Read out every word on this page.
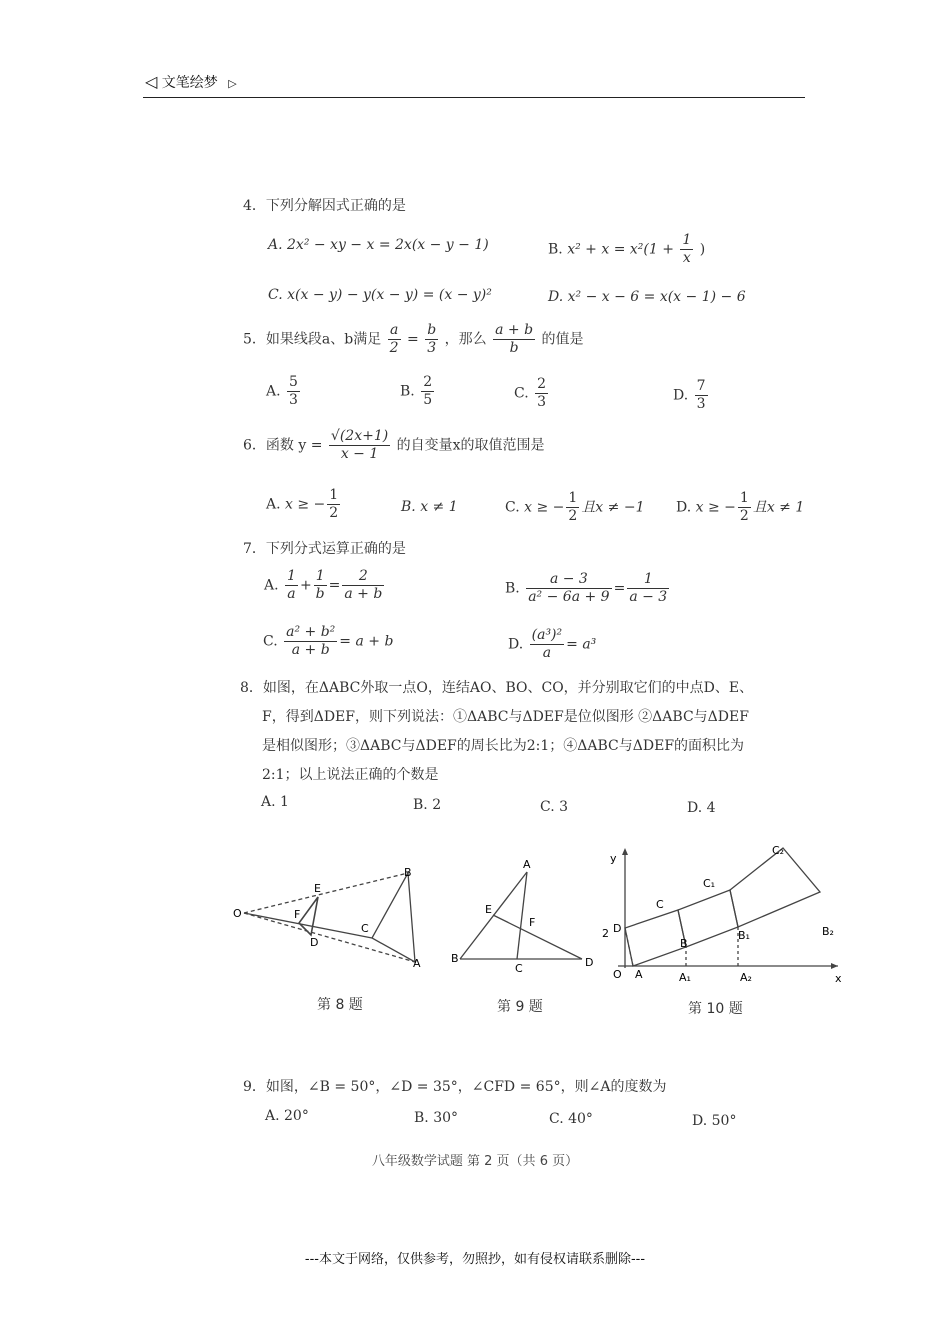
◁ 文笔绘梦 ▷
4．下列分解因式正确的是
A. 2x² − xy − x = 2x(x − y − 1)	B. $x^2 + x = x^2(1 + \frac{1}{x}$ )
C. x(x − y) − y(x − y) = (x − y)²	D. x² − x − 6 = x(x − 1) − 6
5．如果线段a、b满足 $\frac{a}{2} = \frac{b}{3}$ ，那么 $\frac{a + b}{b}$ 的值是
A. $\frac{5}{3}$	B. $\frac{2}{5}$	C. $\frac{2}{3}$	D. $\frac{7}{3}$
6．函数 $y = \frac{√(2x+1)}{x - 1}$ 的自变量x的取值范围是
A. x ≥ − $\frac{1}{2}$	B. x ≠ 1	C. x ≥ − $\frac{1}{2}$ 且x ≠ −1 D. x ≥ − $\frac{1}{2}$ 且x ≠ 1
7．下列分式运算正确的是
A. $\frac{1}{a} + \frac{1}{b} = \frac{2}{a + b}$	B. $\frac{a - 3}{\text{a² − 6a + 9}} = \frac{1}{a - 3}$
C. $\frac{\text{a² + b²}}{a + b} = a + b$	D. $\frac{\text{(a³)²}}{a} = a^3$
8．如图，在ΔABC外取一点O，连结AO、BO、CO，并分别取它们的中点D、E、
F，得到ΔDEF，则下列说法：①ΔABC与ΔDEF是位似图形 ②ΔABC与ΔDEF
是相似图形；③ΔABC与ΔDEF的周长比为2:1；④ΔABC与ΔDEF的面积比为
2:1；以上说法正确的个数是
A. 1	B. 2	C. 3	D. 4
O
E
B
F
C
D
A
第 8 题
A
E
F
B
C	D
第 9 题
y
C₂
C₁
C
D
2
B
B₁	B₂
O A	A₁	A₂	x
第 10 题
9．如图，∠B = 50°，∠D = 35°，∠CFD = 65°，则∠A的度数为
A. 20°	B. 30°	C. 40°	D. 50°
八年级数学试题 第 2 页（共 6 页）
---本文于网络，仅供参考，勿照抄，如有侵权请联系删除---
